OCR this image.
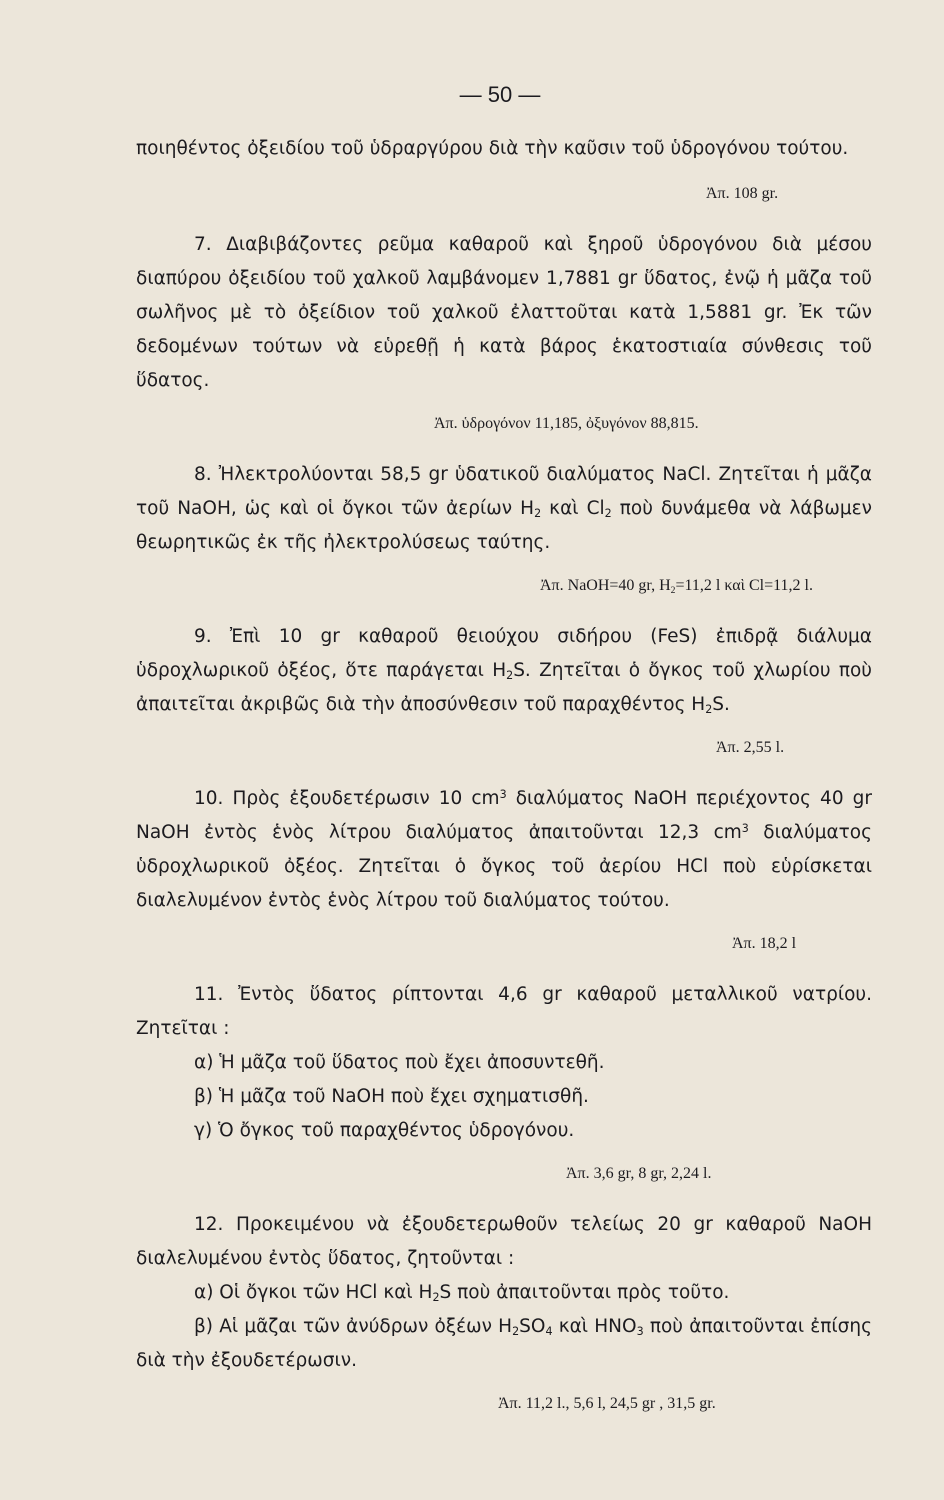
— 50 —

ποιηθέντος ὀξειδίου τοῦ ὑδραργύρου διὰ τὴν καῦσιν τοῦ ὑδρογόνου τούτου.

Ἀπ. 108 gr.

7. Διαβιβάζοντες ρεῦμα καθαροῦ καὶ ξηροῦ ὑδρογόνου διὰ μέσου διαπύρου ὀξειδίου τοῦ χαλκοῦ λαμβάνομεν 1,7881 gr ὕδατος, ἐνῷ ἡ μᾶζα τοῦ σωλῆνος μὲ τὸ ὀξείδιον τοῦ χαλκοῦ ἐλαττοῦται κατὰ 1,5881 gr. Ἐκ τῶν δεδομένων τούτων νὰ εὑρεθῇ ἡ κατὰ βάρος ἑκατοστιαία σύνθεσις τοῦ ὕδατος.

Ἀπ. ὑδρογόνον 11,185, ὀξυγόνον 88,815.

8. Ἠλεκτρολύονται 58,5 gr ὑδατικοῦ διαλύματος NaCl. Ζητεῖται ἡ μᾶζα τοῦ NaOH, ὡς καὶ οἱ ὄγκοι τῶν ἀερίων $H_2$ καὶ $Cl_2$ ποὺ δυνάμεθα νὰ λάβωμεν θεωρητικῶς ἐκ τῆς ἠλεκτρολύσεως ταύτης.

Ἀπ. NaOH=40 gr, $H_2=11,2$ l καὶ Cl=11,2 l.

9. Ἐπὶ 10 gr καθαροῦ θειούχου σιδήρου (FeS) ἐπιδρᾷ διάλυμα ὑδροχλωρικοῦ ὀξέος, ὅτε παράγεται $H_2S$. Ζητεῖται ὁ ὄγκος τοῦ χλωρίου ποὺ ἀπαιτεῖται ἀκριβῶς διὰ τὴν ἀποσύνθεσιν τοῦ παραχθέντος $H_2S$.

Ἀπ. 2,55 l.

10. Πρὸς ἐξουδετέρωσιν 10 $cm^3$ διαλύματος NaOH περιέχοντος 40 gr NaOH ἐντὸς ἑνὸς λίτρου διαλύματος ἀπαιτοῦνται 12,3 $cm^3$ διαλύματος ὑδροχλωρικοῦ ὀξέος. Ζητεῖται ὁ ὄγκος τοῦ ἀερίου HCl ποὺ εὑρίσκεται διαλελυμένον ἐντὸς ἑνὸς λίτρου τοῦ διαλύματος τούτου.

Ἀπ. 18,2 l

11. Ἐντὸς ὕδατος ρίπτονται 4,6 gr καθαροῦ μεταλλικοῦ νατρίου. Ζητεῖται :

α) Ἡ μᾶζα τοῦ ὕδατος ποὺ ἔχει ἀποσυντεθῆ.

β) Ἡ μᾶζα τοῦ NaOH ποὺ ἔχει σχηματισθῆ.

γ) Ὁ ὄγκος τοῦ παραχθέντος ὑδρογόνου.

Ἀπ. 3,6 gr, 8 gr, 2,24 l.

12. Προκειμένου νὰ ἐξουδετερωθοῦν τελείως 20 gr καθαροῦ NaOH διαλελυμένου ἐντὸς ὕδατος, ζητοῦνται :

α) Οἱ ὄγκοι τῶν HCl καὶ $H_2S$ ποὺ ἀπαιτοῦνται πρὸς τοῦτο.

β) Αἱ μᾶζαι τῶν ἀνύδρων ὀξέων $H_2SO_4$ καὶ $HNO_3$ ποὺ ἀπαιτοῦνται ἐπίσης διὰ τὴν ἐξουδετέρωσιν.

Ἀπ. 11,2 l., 5,6 l, 24,5 gr , 31,5 gr.
